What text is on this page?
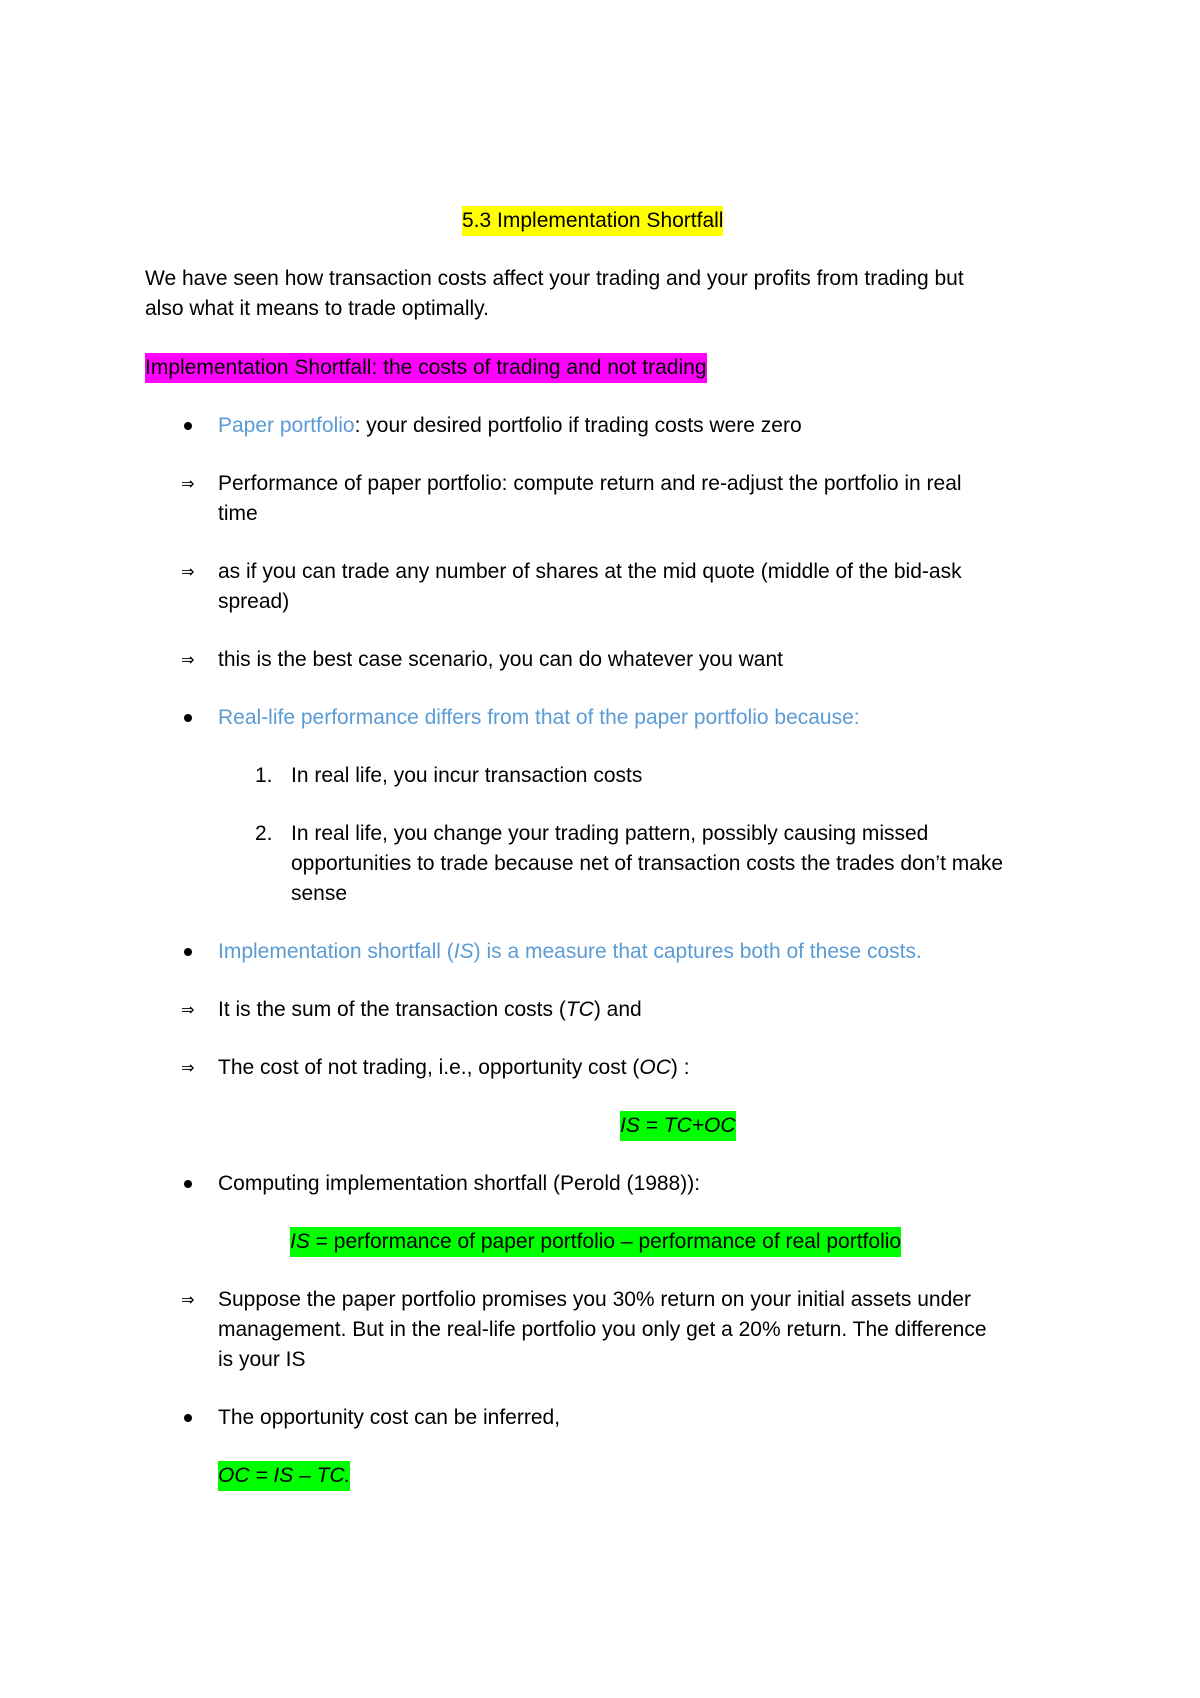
5.3 Implementation Shortfall
We have seen how transaction costs affect your trading and your profits from trading but
also what it means to trade optimally.
Implementation Shortfall: the costs of trading and not trading
Paper portfolio: your desired portfolio if trading costs were zero
⇒ Performance of paper portfolio: compute return and re-adjust the portfolio in real
time
⇒ as if you can trade any number of shares at the mid quote (middle of the bid-ask
spread)
⇒ this is the best case scenario, you can do whatever you want
Real-life performance differs from that of the paper portfolio because:
1. In real life, you incur transaction costs
2. In real life, you change your trading pattern, possibly causing missed
opportunities to trade because net of transaction costs the trades don’t make
sense
Implementation shortfall (IS) is a measure that captures both of these costs.
⇒ It is the sum of the transaction costs (TC) and
⇒ The cost of not trading, i.e., opportunity cost (OC) :
IS = TC+OC
Computing implementation shortfall (Perold (1988)):
IS = performance of paper portfolio – performance of real portfolio
⇒ Suppose the paper portfolio promises you 30% return on your initial assets under
management. But in the real-life portfolio you only get a 20% return. The difference
is your IS
The opportunity cost can be inferred,
OC = IS – TC.
